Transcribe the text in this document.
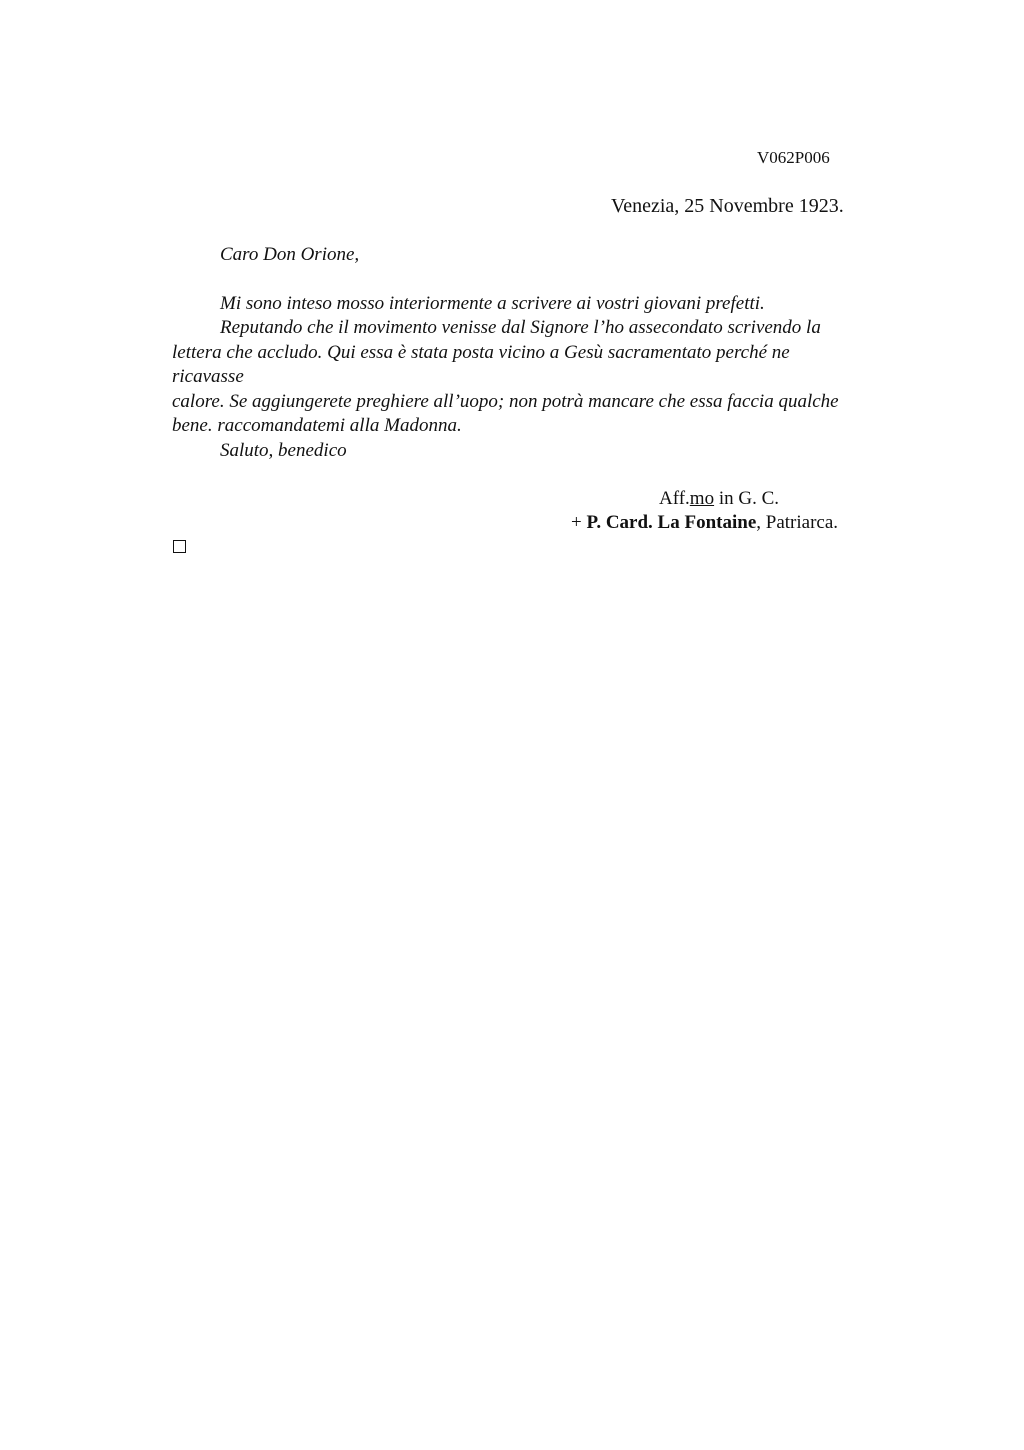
V062P006
Venezia, 25 Novembre 1923.
Caro Don Orione,
Mi sono inteso mosso interiormente a scrivere ai vostri giovani prefetti.
Reputando che il movimento venisse dal Signore l’ho assecondato scrivendo la
lettera che accludo. Qui essa è stata posta vicino a Gesù sacramentato perché ne
ricavasse
calore. Se aggiungerete preghiere all’uopo; non potrà mancare che essa faccia qualche
bene. raccomandatemi alla Madonna.
Saluto, benedico
Aff.mo in G. C.
+ P. Card. La Fontaine, Patriarca.
